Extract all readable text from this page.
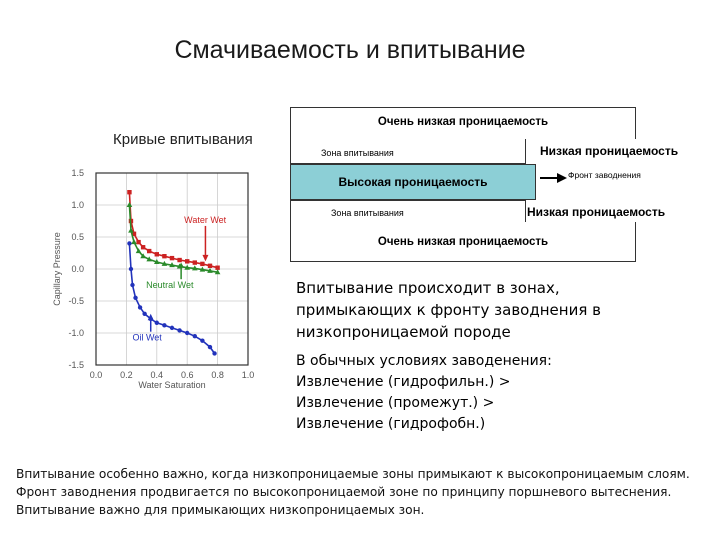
Смачиваемость и впитывание
Кривые впитывания
0.0 0.2 0.4 0.6 0.8 1.0
1.5
1.0
0.5
0.0
-0.5
-1.0
-1.5
Water Saturation
Capillary Pressure
Water Wet
Neutral Wet
Oil Wet
Очень низкая проницаемость
Зона впитывания	Низкая проницаемость
Высокая проницаемость	Фронт заводнения
Зона впитывания	Низкая проницаемость
Очень низкая проницаемость
Впитывание происходит в зонах, примыкающих к фронту заводнения в низкопроницаемой породе
В обычных условиях заводенения:
Извлечение (гидрофильн.) >
Извлечение (промежут.) >
Извлечение (гидрофобн.)
Впитывание особенно важно, когда низкопроницаемые зоны примыкают к высокопроницаемым слоям. Фронт заводнения продвигается по высокопроницаемой зоне по принципу поршневого вытеснения. Впитывание важно для примыкающих низкопроницаемых зон.
